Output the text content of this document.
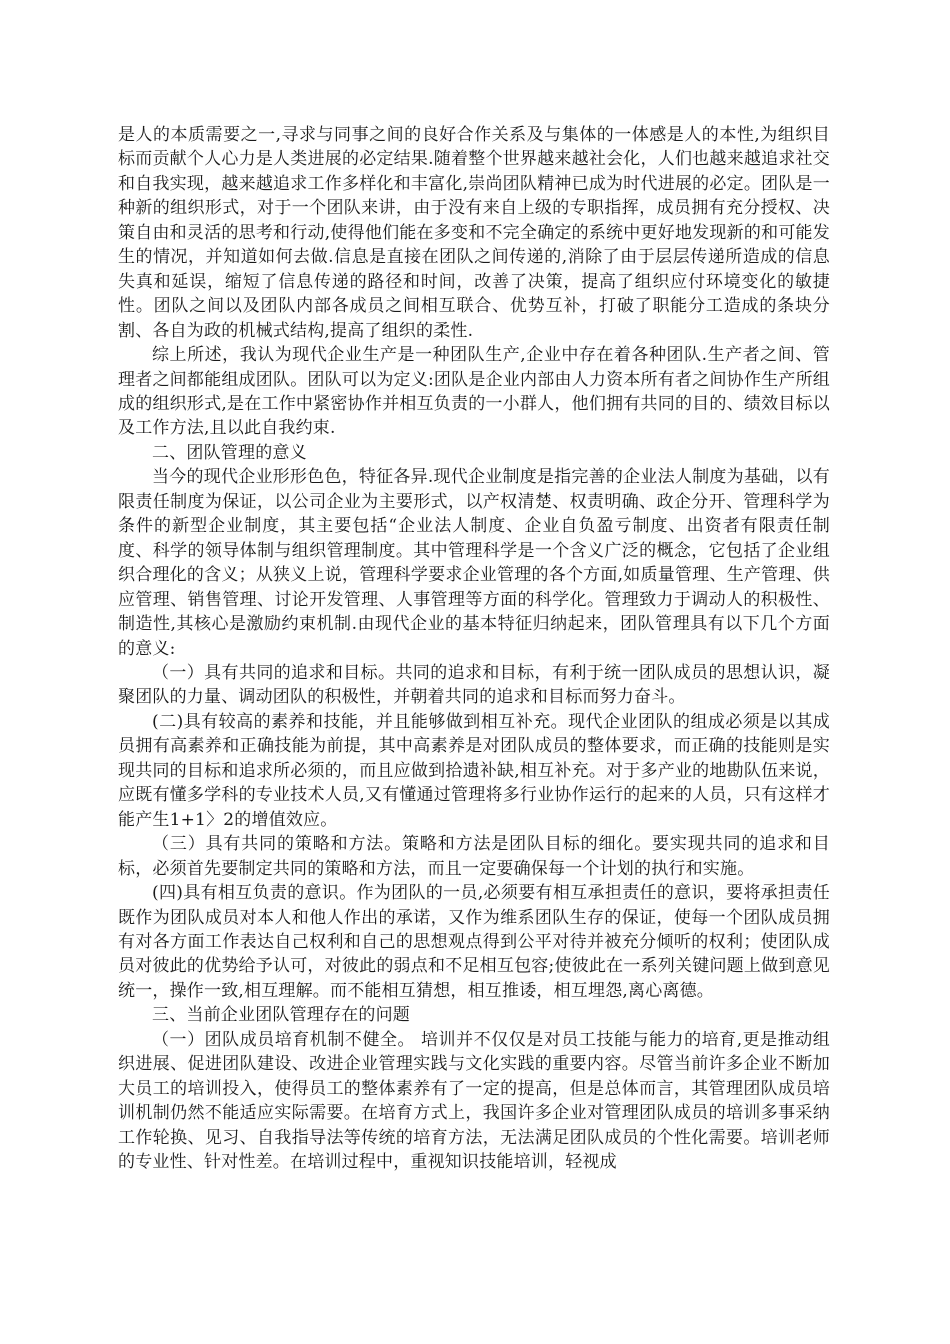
是人的本质需要之一,寻求与同事之间的良好合作关系及与集体的一体感是人的本性,为组织目标而贡献个人心力是人类进展的必定结果.随着整个世界越来越社会化，人们也越来越追求社交和自我实现，越来越追求工作多样化和丰富化,崇尚团队精神已成为时代进展的必定。团队是一种新的组织形式，对于一个团队来讲，由于没有来自上级的专职指挥，成员拥有充分授权、决策自由和灵活的思考和行动,使得他们能在多变和不完全确定的系统中更好地发现新的和可能发生的情况，并知道如何去做.信息是直接在团队之间传递的,消除了由于层层传递所造成的信息失真和延误，缩短了信息传递的路径和时间，改善了决策，提高了组织应付环境变化的敏捷性。团队之间以及团队内部各成员之间相互联合、优势互补，打破了职能分工造成的条块分割、各自为政的机械式结构,提高了组织的柔性.

综上所述，我认为现代企业生产是一种团队生产,企业中存在着各种团队.生产者之间、管理者之间都能组成团队。团队可以为定义:团队是企业内部由人力资本所有者之间协作生产所组成的组织形式,是在工作中紧密协作并相互负责的一小群人，他们拥有共同的目的、绩效目标以及工作方法,且以此自我约束.

二、团队管理的意义

当今的现代企业形形色色，特征各异.现代企业制度是指完善的企业法人制度为基础，以有限责任制度为保证，以公司企业为主要形式，以产权清楚、权责明确、政企分开、管理科学为条件的新型企业制度，其主要包括“企业法人制度、企业自负盈亏制度、出资者有限责任制度、科学的领导体制与组织管理制度。其中管理科学是一个含义广泛的概念，它包括了企业组织合理化的含义；从狭义上说，管理科学要求企业管理的各个方面,如质量管理、生产管理、供应管理、销售管理、讨论开发管理、人事管理等方面的科学化。管理致力于调动人的积极性、制造性,其核心是激励约束机制.由现代企业的基本特征归纳起来，团队管理具有以下几个方面的意义:

（一）具有共同的追求和目标。共同的追求和目标，有利于统一团队成员的思想认识，凝聚团队的力量、调动团队的积极性，并朝着共同的追求和目标而努力奋斗。

(二)具有较高的素养和技能，并且能够做到相互补充。现代企业团队的组成必须是以其成员拥有高素养和正确技能为前提，其中高素养是对团队成员的整体要求，而正确的技能则是实现共同的目标和追求所必须的，而且应做到拾遗补缺,相互补充。对于多产业的地勘队伍来说，应既有懂多学科的专业技术人员,又有懂通过管理将多行业协作运行的起来的人员，只有这样才能产生1+1〉2的增值效应。

（三）具有共同的策略和方法。策略和方法是团队目标的细化。要实现共同的追求和目标，必须首先要制定共同的策略和方法，而且一定要确保每一个计划的执行和实施。

(四)具有相互负责的意识。作为团队的一员,必须要有相互承担责任的意识，要将承担责任既作为团队成员对本人和他人作出的承诺，又作为维系团队生存的保证，使每一个团队成员拥有对各方面工作表达自己权利和自己的思想观点得到公平对待并被充分倾听的权利；使团队成员对彼此的优势给予认可，对彼此的弱点和不足相互包容;使彼此在一系列关键问题上做到意见统一，操作一致,相互理解。而不能相互猜想，相互推诿，相互埋怨,离心离德。

三、当前企业团队管理存在的问题

（一）团队成员培育机制不健全。 培训并不仅仅是对员工技能与能力的培育,更是推动组织进展、促进团队建设、改进企业管理实践与文化实践的重要内容。尽管当前许多企业不断加大员工的培训投入，使得员工的整体素养有了一定的提高，但是总体而言，其管理团队成员培训机制仍然不能适应实际需要。在培育方式上，我国许多企业对管理团队成员的培训多事采纳工作轮换、见习、自我指导法等传统的培育方法，无法满足团队成员的个性化需要。培训老师的专业性、针对性差。在培训过程中，重视知识技能培训，轻视成
